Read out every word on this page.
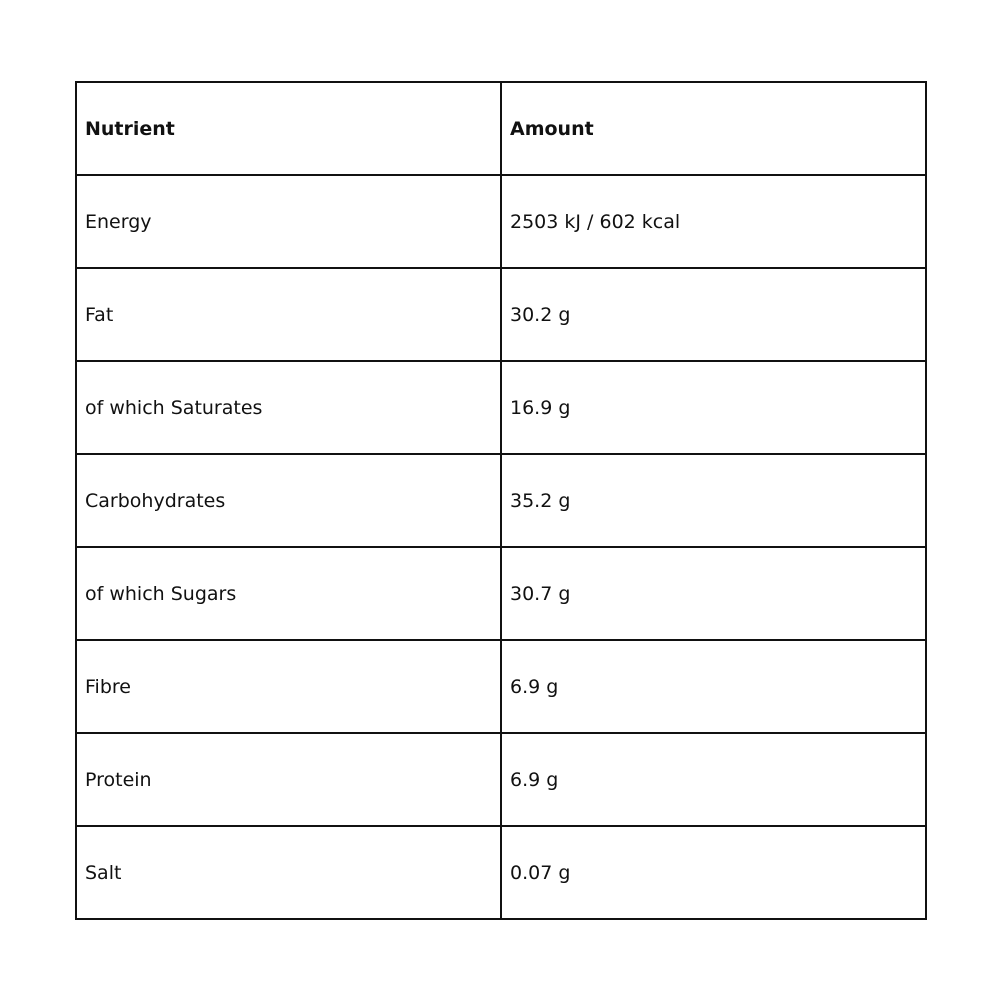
Nutrient	Amount
Energy	2503 kJ / 602 kcal
Fat	30.2 g
of which Saturates	16.9 g
Carbohydrates	35.2 g
of which Sugars	30.7 g
Fibre	6.9 g
Protein	6.9 g
Salt	0.07 g
